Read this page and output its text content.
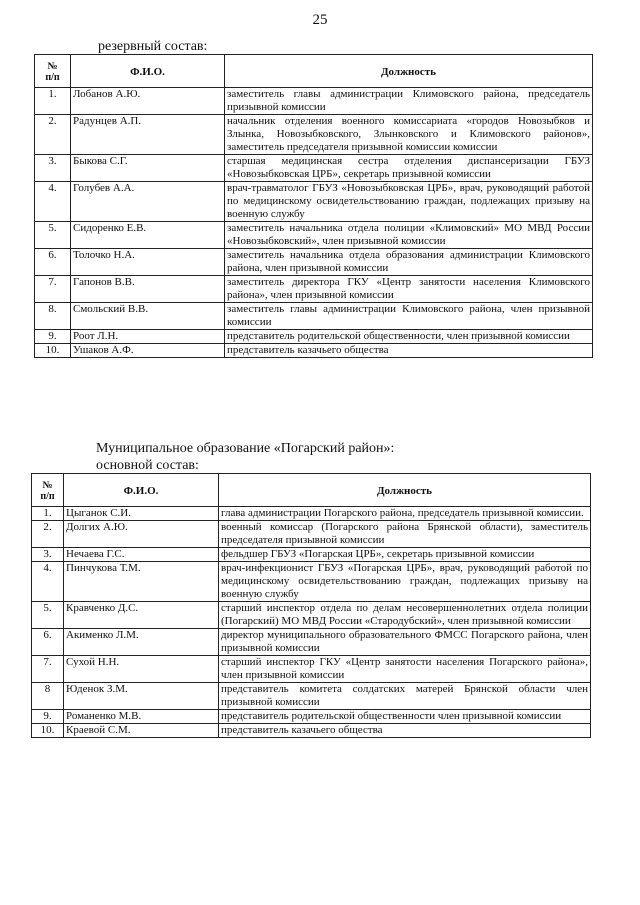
25
резервный состав:
№
п/п	Ф.И.О.	Должность
1.	Лобанов А.Ю.	заместитель главы администрации Климовского района, председатель призывной комиссии
2.	Радунцев А.П.	начальник отделения военного комиссариата «городов Новозыбков и Злынка, Новозыбковского, Злынковского и Климовского районов», заместитель председателя призывной комиссии комиссии
3.	Быкова С.Г.	старшая медицинская сестра отделения диспансеризации ГБУЗ «Новозыбковская ЦРБ», секретарь призывной комиссии
4.	Голубев А.А.	врач-травматолог ГБУЗ «Новозыбковская ЦРБ», врач, руководящий работой по медицинскому освидетельствованию граждан, подлежащих призыву на военную службу
5.	Сидоренко Е.В.	заместитель начальника отдела полиции «Климовский» МО МВД России «Новозыбковский», член призывной комиссии
6.	Толочко Н.А.	заместитель начальника отдела образования администрации Климовского района, член призывной комиссии
7.	Гапонов В.В.	заместитель директора ГКУ «Центр занятости населения Климовского района», член призывной комиссии
8.	Смольский В.В.	заместитель главы администрации Климовского района, член призывной комиссии
9.	Роот Л.Н.	представитель родительской общественности, член призывной комиссии
10.	Ушаков А.Ф.	представитель казачьего общества
Муниципальное образование «Погарский район»:
основной состав:
№
п/п	Ф.И.О.	Должность
1.	Цыганок С.И.	глава администрации Погарского района, председатель призывной комиссии.
2.	Долгих А.Ю.	военный комиссар (Погарского района Брянской области), заместитель председателя призывной комиссии
3.	Нечаева Г.С.	фельдшер ГБУЗ «Погарская ЦРБ», секретарь призывной комиссии
4.	Пинчукова Т.М.	врач-инфекционист ГБУЗ «Погарская ЦРБ», врач, руководящий работой по медицинскому освидетельствованию граждан, подлежащих призыву на военную службу
5.	Кравченко Д.С.	старший инспектор отдела по делам несовершеннолетних отдела полиции (Погарский) МО МВД России «Стародубский», член призывной комиссии
6.	Акименко Л.М.	директор муниципального образовательного ФМСС Погарского района, член призывной комиссии
7.	Сухой Н.Н.	старший инспектор ГКУ «Центр занятости населения Погарского района», член призывной комиссии
8	Юденок З.М.	представитель комитета солдатских матерей Брянской области член призывной комиссии
9.	Романенко М.В.	представитель родительской общественности член призывной комиссии
10.	Краевой С.М.	представитель казачьего общества
